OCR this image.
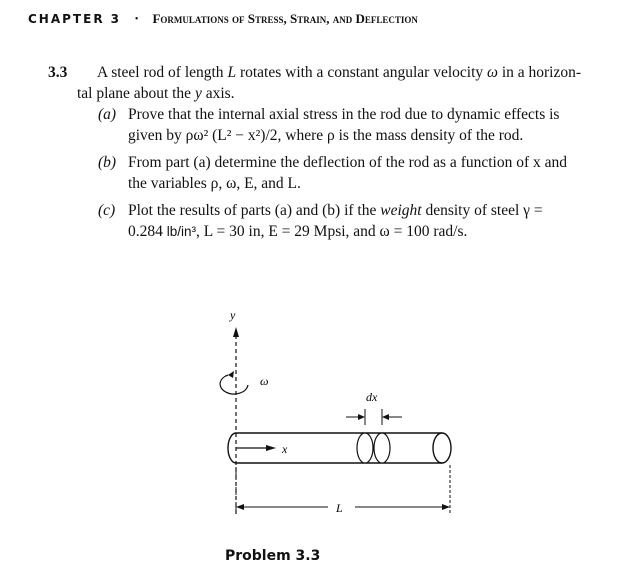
CHAPTER 3 • Formulations of Stress, Strain, and Deflection
3.3 A steel rod of length L rotates with a constant angular velocity ω in a horizon-
tal plane about the y axis.
(a) Prove that the internal axial stress in the rod due to dynamic effects is
given by ρω² (L² − x²)/2, where ρ is the mass density of the rod.
(b) From part (a) determine the deflection of the rod as a function of x and
the variables ρ, ω, E, and L.
(c) Plot the results of parts (a) and (b) if the weight density of steel γ =
0.284 lb/in³, L = 30 in, E = 29 Mpsi, and ω = 100 rad/s.
y
ω
x
dx
L
Problem 3.3
